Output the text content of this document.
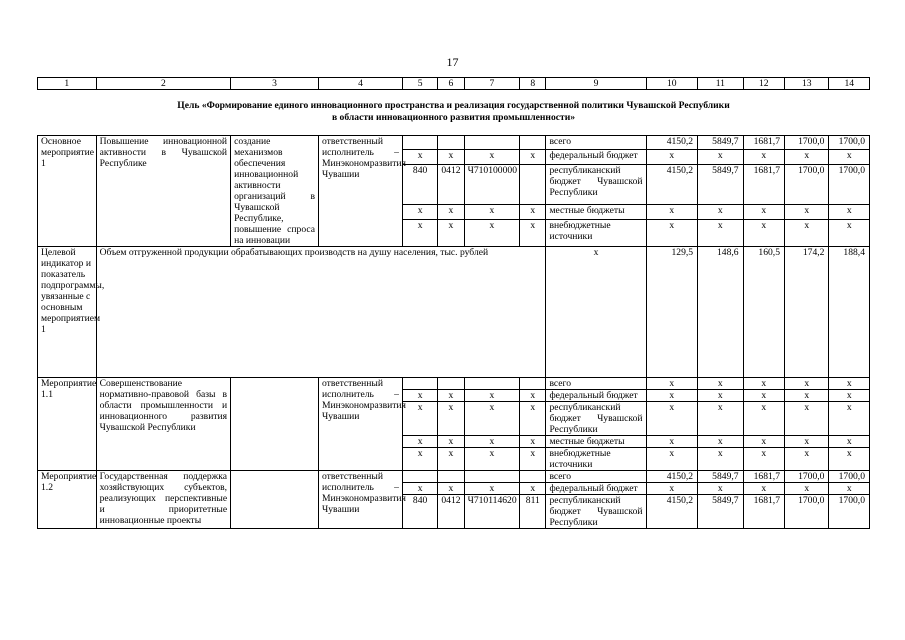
17
1	2	3	4	5	6	7	8	9	10	11	12	13	14

Цель «Формирование единого инновационного пространства и реализация государственной политики Чувашской Республики
в области инновационного развития промышленности»													

Основное мероприятие 1	Повышение инновационной активности в Чувашской Республике	создание механизмов обеспечения инновационной активности организаций в Чувашской Республике, повышение спроса на инновации	ответственный исполнитель – Минэкономразвития Чувашии					всего	4150,2	5849,7	1681,7	1700,0	1700,0
				х	х	х	х	федеральный бюджет	х	х	х	х	х
				840	0412	Ч710100000		республиканский бюджет Чувашской Республики	4150,2	5849,7	1681,7	1700,0	1700,0
				х	х	х	х	местные бюджеты	х	х	х	х	х
				х	х	х	х	внебюджетные источники	х	х	х	х	х
Целевой индикатор и показатель подпрограммы, увязанные с основным мероприятием 1	Объем отгруженной продукции обрабатывающих производств на душу населения, тыс. рублей							х	129,5	148,6	160,5	174,2	188,4
Мероприятие 1.1	Совершенствование нормативно-правовой базы в области промышленности и инновационного развития Чувашской Республики		ответственный исполнитель – Минэкономразвития Чувашии					всего	х	х	х	х	х
				х	х	х	х	федеральный бюджет	х	х	х	х	х
				х	х	х	х	республиканский бюджет Чувашской Республики	х	х	х	х	х
				х	х	х	х	местные бюджеты	х	х	х	х	х
				х	х	х	х	внебюджетные источники	х	х	х	х	х
Мероприятие 1.2	Государственная поддержка хозяйствующих субъектов, реализующих перспективные и приоритетные инновационные проекты		ответственный исполнитель – Минэкономразвития Чувашии					всего	4150,2	5849,7	1681,7	1700,0	1700,0
				х	х	х	х	федеральный бюджет	х	х	х	х	х
				840	0412	Ч710114620	811	республиканский бюджет Чувашской Республики	4150,2	5849,7	1681,7	1700,0	1700,0
